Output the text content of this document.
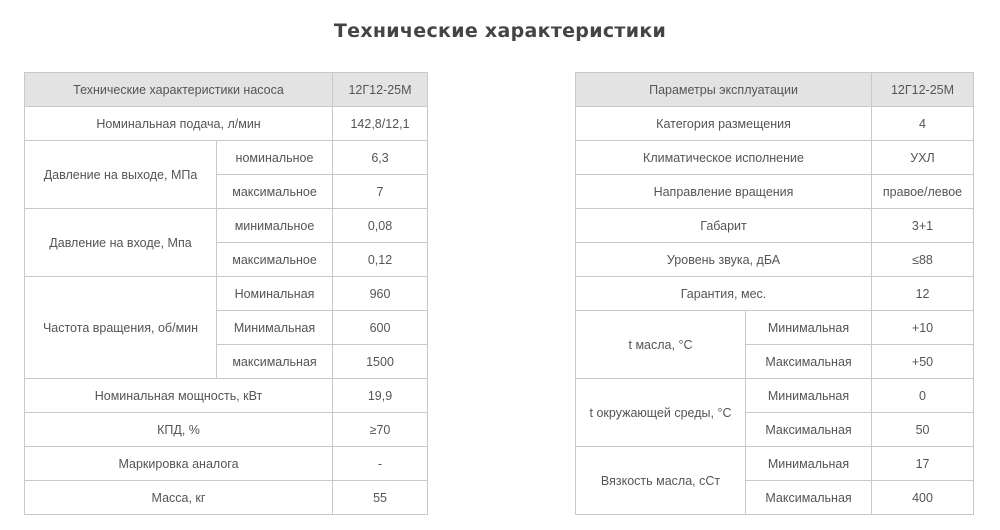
Технические характеристики
Технические характеристики насоса		12Г12-25М
Номинальная подача, л/мин		142,8/12,1
Давление на выходе, МПа	номинальное	6,3
	максимальное	7
Давление на входе, Мпа	минимальное	0,08
	максимальное	0,12
Частота вращения, об/мин	Номинальная	960
	Минимальная	600
	максимальная	1500
Номинальная мощность, кВт		19,9
КПД, %		≥70
Маркировка аналога		-
Масса, кг		55
Параметры эксплуатации		12Г12-25М
Категория размещения		4
Климатическое исполнение		УХЛ
Направление вращения		правое/левое
Габарит		3+1
Уровень звука, дБА		≤88
Гарантия, мес.		12
t масла, °С	Минимальная	+10
	Максимальная	+50
t окружающей среды, °С	Минимальная	0
	Максимальная	50
Вязкость масла, сСт	Минимальная	17
	Максимальная	400
